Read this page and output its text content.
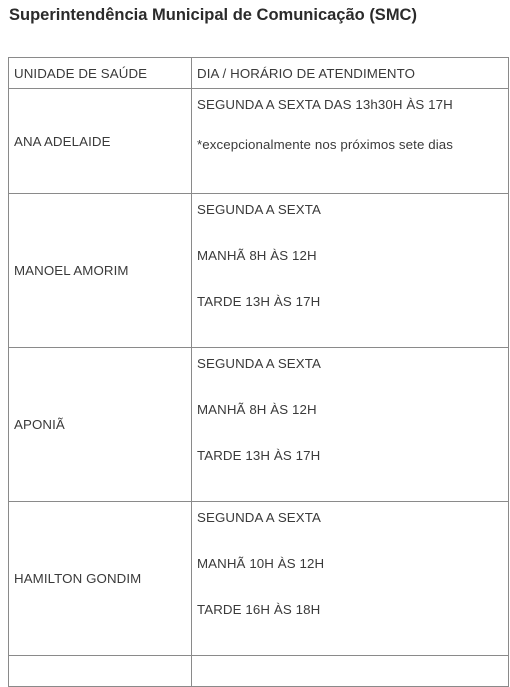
Superintendência Municipal de Comunicação (SMC)
UNIDADE DE SAÚDE	DIA / HORÁRIO DE ATENDIMENTO
ANA ADELAIDE	SEGUNDA A SEXTA DAS 13h30H ÀS 17H
*excepcionalmente nos próximos sete dias

MANOEL AMORIM	SEGUNDA A SEXTA
MANHÃ 8H ÀS 12H
TARDE 13H ÀS 17H

APONIÃ	SEGUNDA A SEXTA
MANHÃ 8H ÀS 12H
TARDE 13H ÀS 17H

HAMILTON GONDIM	SEGUNDA A SEXTA
MANHÃ 10H ÀS 12H
TARDE 16H ÀS 18H
